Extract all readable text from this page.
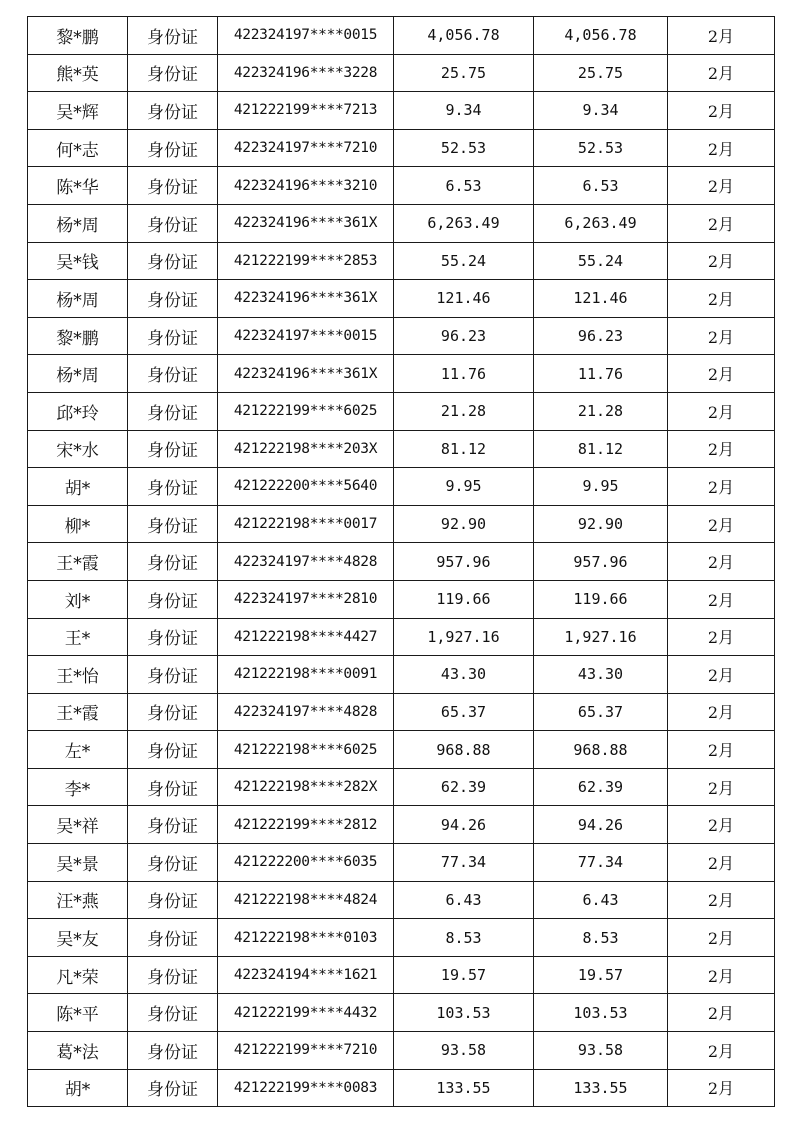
黎*鹏	身份证	422324197****0015	4,056.78	4,056.78	2月
熊*英	身份证	422324196****3228	25.75	25.75	2月
吴*辉	身份证	421222199****7213	9.34	9.34	2月
何*志	身份证	422324197****7210	52.53	52.53	2月
陈*华	身份证	422324196****3210	6.53	6.53	2月
杨*周	身份证	422324196****361X	6,263.49	6,263.49	2月
吴*钱	身份证	421222199****2853	55.24	55.24	2月
杨*周	身份证	422324196****361X	121.46	121.46	2月
黎*鹏	身份证	422324197****0015	96.23	96.23	2月
杨*周	身份证	422324196****361X	11.76	11.76	2月
邱*玲	身份证	421222199****6025	21.28	21.28	2月
宋*水	身份证	421222198****203X	81.12	81.12	2月
胡*	身份证	421222200****5640	9.95	9.95	2月
柳*	身份证	421222198****0017	92.90	92.90	2月
王*霞	身份证	422324197****4828	957.96	957.96	2月
刘*	身份证	422324197****2810	119.66	119.66	2月
王*	身份证	421222198****4427	1,927.16	1,927.16	2月
王*怡	身份证	421222198****0091	43.30	43.30	2月
王*霞	身份证	422324197****4828	65.37	65.37	2月
左*	身份证	421222198****6025	968.88	968.88	2月
李*	身份证	421222198****282X	62.39	62.39	2月
吴*祥	身份证	421222199****2812	94.26	94.26	2月
吴*景	身份证	421222200****6035	77.34	77.34	2月
汪*燕	身份证	421222198****4824	6.43	6.43	2月
吴*友	身份证	421222198****0103	8.53	8.53	2月
凡*荣	身份证	422324194****1621	19.57	19.57	2月
陈*平	身份证	421222199****4432	103.53	103.53	2月
葛*法	身份证	421222199****7210	93.58	93.58	2月
胡*	身份证	421222199****0083	133.55	133.55	2月
